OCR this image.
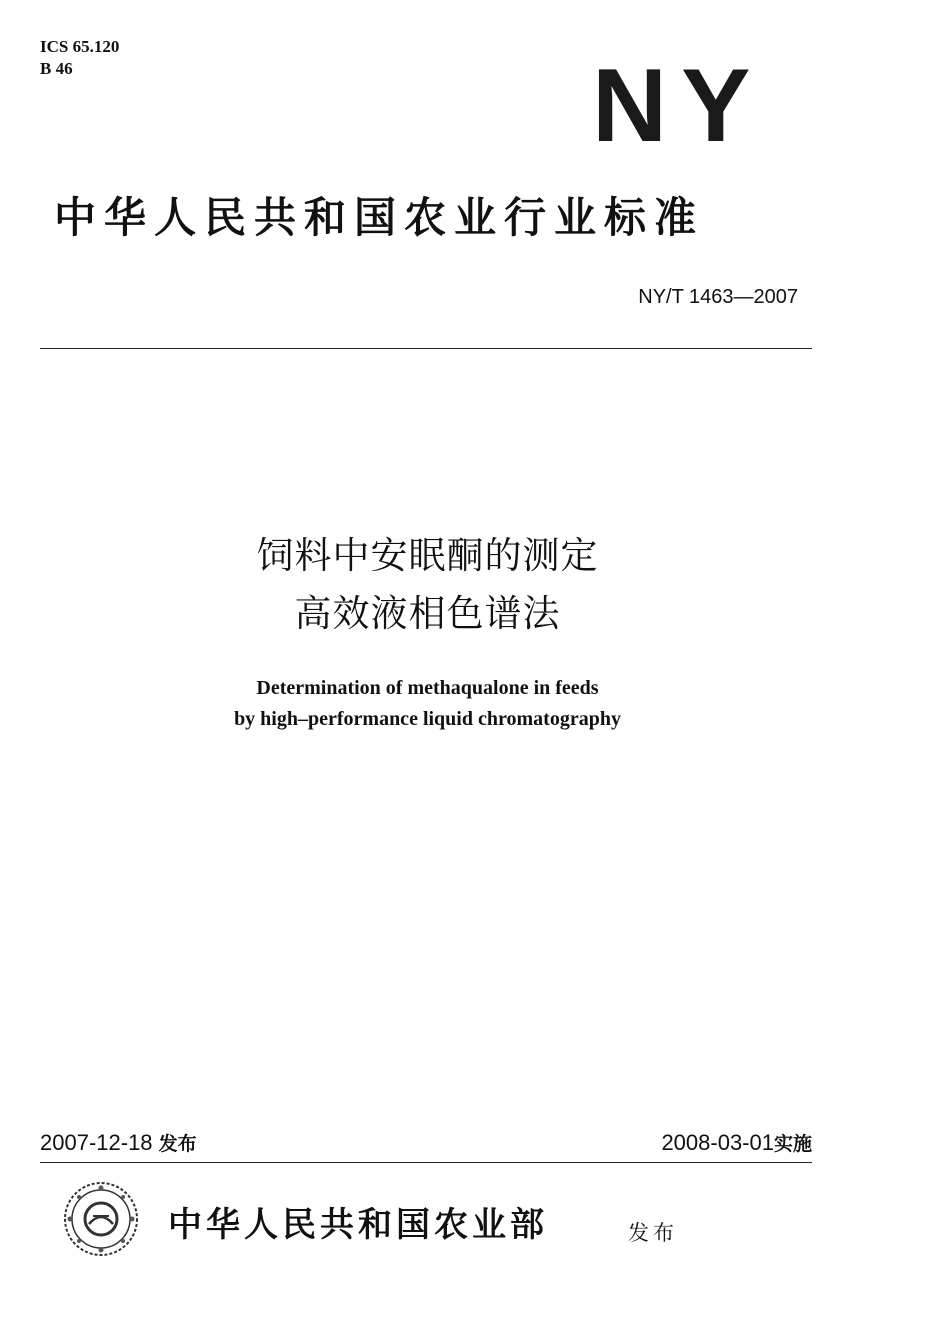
ICS 65.120
B 46	NY
中华人民共和国农业行业标准
NY/T 1463—2007
饲料中安眠酮的测定
高效液相色谱法
Determination of methaqualone in feeds
by high–performance liquid chromatography
2007-12-18 发布	2008-03-01实施
中华人民共和国农业部	发布
